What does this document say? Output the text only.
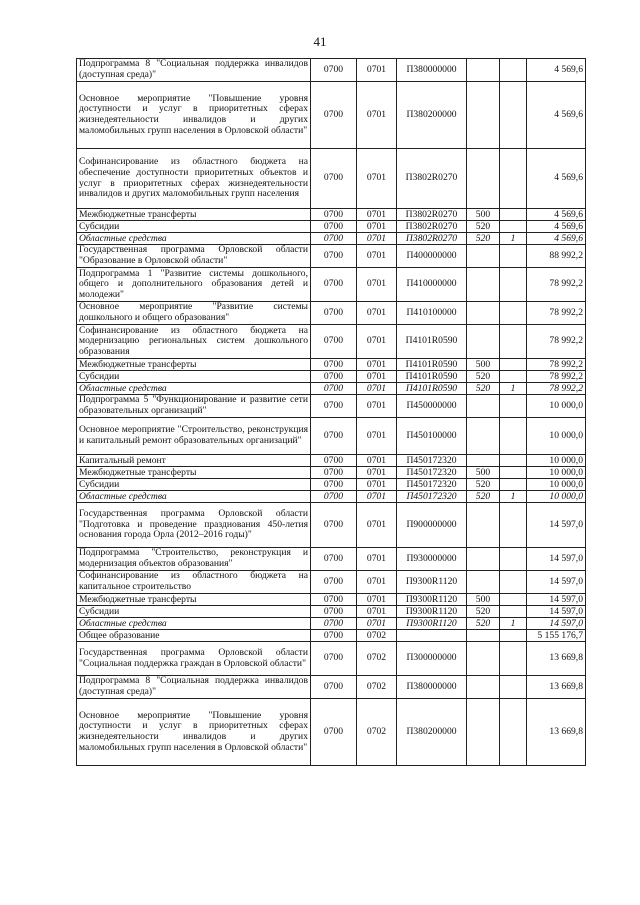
41
Подпрограмма 8 "Социальная поддержка инвалидов (доступная среда)"	0700	0701	П380000000			4 569,6
Основное мероприятие "Повышение уровня доступности и услуг в приоритетных сферах жизнедеятельности инвалидов и других маломобильных групп населения в Орловской области"	0700	0701	П380200000			4 569,6
Софинансирование из областного бюджета на обеспечение доступности приоритетных объектов и услуг в приоритетных сферах жизнедеятельности инвалидов и других маломобильных групп населения	0700	0701	П3802R0270			4 569,6
Межбюджетные трансферты	0700	0701	П3802R0270	500		4 569,6
Субсидии	0700	0701	П3802R0270	520		4 569,6
Областные средства	0700	0701	П3802R0270	520	1	4 569,6
Государственная программа Орловской области "Образование в Орловской области"	0700	0701	П400000000			88 992,2
Подпрограмма 1 "Развитие системы дошкольного, общего и дополнительного образования детей и молодежи"	0700	0701	П410000000			78 992,2
Основное мероприятие "Развитие системы дошкольного и общего образования"	0700	0701	П410100000			78 992,2
Софинансирование из областного бюджета на модернизацию региональных систем дошкольного образования	0700	0701	П4101R0590			78 992,2
Межбюджетные трансферты	0700	0701	П4101R0590	500		78 992,2
Субсидии	0700	0701	П4101R0590	520		78 992,2
Областные средства	0700	0701	П4101R0590	520	1	78 992,2
Подпрограмма 5 "Функционирование и развитие сети образовательных организаций"	0700	0701	П450000000			10 000,0
Основное мероприятие "Строительство, реконструкция и капитальный ремонт образовательных организаций"	0700	0701	П450100000			10 000,0
Капитальный ремонт	0700	0701	П450172320			10 000,0
Межбюджетные трансферты	0700	0701	П450172320	500		10 000,0
Субсидии	0700	0701	П450172320	520		10 000,0
Областные средства	0700	0701	П450172320	520	1	10 000,0
Государственная программа Орловской области "Подготовка и проведение празднования 450-летия основания города Орла (2012–2016 годы)"	0700	0701	П900000000			14 597,0
Подпрограмма "Строительство, реконструкция и модернизация объектов образования"	0700	0701	П930000000			14 597,0
Софинансирование из областного бюджета на капитальное строительство	0700	0701	П9300R1120			14 597,0
Межбюджетные трансферты	0700	0701	П9300R1120	500		14 597,0
Субсидии	0700	0701	П9300R1120	520		14 597,0
Областные средства	0700	0701	П9300R1120	520	1	14 597,0
Общее образование	0700	0702				5 155 176,7
Государственная программа Орловской области "Социальная поддержка граждан в Орловской области"	0700	0702	П300000000			13 669,8
Подпрограмма 8 "Социальная поддержка инвалидов (доступная среда)"	0700	0702	П380000000			13 669,8
Основное мероприятие "Повышение уровня доступности и услуг в приоритетных сферах жизнедеятельности инвалидов и других маломобильных групп населения в Орловской области"	0700	0702	П380200000			13 669,8
